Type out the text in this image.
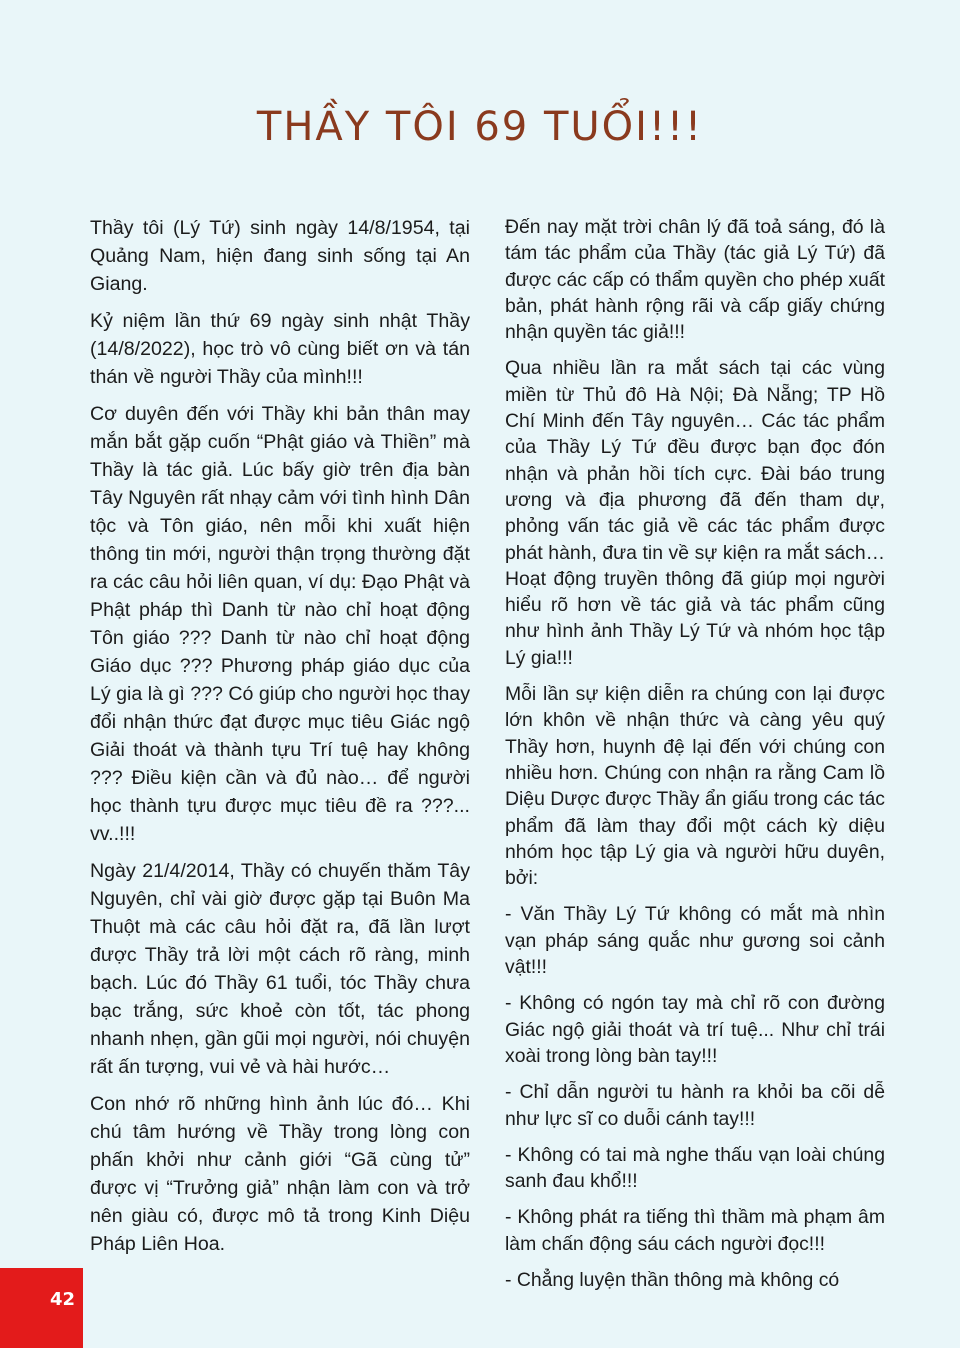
THẦY TÔI 69 TUỔI!!!

Thầy tôi (Lý Tứ) sinh ngày 14/8/1954, tại Quảng Nam, hiện đang sinh sống tại An Giang.

Kỷ niệm lần thứ 69 ngày sinh nhật Thầy (14/8/2022), học trò vô cùng biết ơn và tán thán về người Thầy của mình!!!

Cơ duyên đến với Thầy khi bản thân may mắn bắt gặp cuốn “Phật giáo và Thiền” mà Thầy là tác giả. Lúc bấy giờ trên địa bàn Tây Nguyên rất nhạy cảm với tình hình Dân tộc và Tôn giáo, nên mỗi khi xuất hiện thông tin mới, người thận trọng thường đặt ra các câu hỏi liên quan, ví dụ: Đạo Phật và Phật pháp thì Danh từ nào chỉ hoạt động Tôn giáo ??? Danh từ nào chỉ hoạt động Giáo dục ??? Phương pháp giáo dục của Lý gia là gì ??? Có giúp cho người học thay đổi nhận thức đạt được mục tiêu Giác ngộ Giải thoát và thành tựu Trí tuệ hay không ??? Điều kiện cần và đủ nào… để người học thành tựu được mục tiêu đề ra ???... vv..!!!

Ngày 21/4/2014, Thầy có chuyến thăm Tây Nguyên, chỉ vài giờ được gặp tại Buôn Ma Thuột mà các câu hỏi đặt ra, đã lần lượt được Thầy trả lời một cách rõ ràng, minh bạch. Lúc đó Thầy 61 tuổi, tóc Thầy chưa bạc trắng, sức khoẻ còn tốt, tác phong nhanh nhẹn, gần gũi mọi người, nói chuyện rất ấn tượng, vui vẻ và hài hước…

Con nhớ rõ những hình ảnh lúc đó… Khi chú tâm hướng về Thầy trong lòng con phấn khởi như cảnh giới “Gã cùng tử” được vị “Trưởng giả” nhận làm con và trở nên giàu có, được mô tả trong Kinh Diệu Pháp Liên Hoa.

Đến nay mặt trời chân lý đã toả sáng, đó là tám tác phẩm của Thầy (tác giả Lý Tứ) đã được các cấp có thẩm quyền cho phép xuất bản, phát hành rộng rãi và cấp giấy chứng nhận quyền tác giả!!!

Qua nhiều lần ra mắt sách tại các vùng miền từ Thủ đô Hà Nội; Đà Nẵng; TP Hồ Chí Minh đến Tây nguyên… Các tác phẩm của Thầy Lý Tứ đều được bạn đọc đón nhận và phản hồi tích cực. Đài báo trung ương và địa phương đã đến tham dự, phỏng vấn tác giả về các tác phẩm được phát hành, đưa tin về sự kiện ra mắt sách… Hoạt động truyền thông đã giúp mọi người hiểu rõ hơn về tác giả và tác phẩm cũng như hình ảnh Thầy Lý Tứ và nhóm học tập Lý gia!!!

Mỗi lần sự kiện diễn ra chúng con lại được lớn khôn về nhận thức và càng yêu quý Thầy hơn, huynh đệ lại đến với chúng con nhiều hơn. Chúng con nhận ra rằng Cam lồ Diệu Dược được Thầy ẩn giấu trong các tác phẩm đã làm thay đổi một cách kỳ diệu nhóm học tập Lý gia và người hữu duyên, bởi:

- Văn Thầy Lý Tứ không có mắt mà nhìn vạn pháp sáng quắc như gương soi cảnh vật!!!

- Không có ngón tay mà chỉ rõ con đường Giác ngộ giải thoát và trí tuệ... Như chỉ trái xoài trong lòng bàn tay!!!

- Chỉ dẫn người tu hành ra khỏi ba cõi dễ như lực sĩ co duỗi cánh tay!!!

- Không có tai mà nghe thấu vạn loài chúng sanh đau khổ!!!

- Không phát ra tiếng thì thầm mà phạm âm làm chấn động sáu cách người đọc!!!

- Chẳng luyện thần thông mà không có

42
